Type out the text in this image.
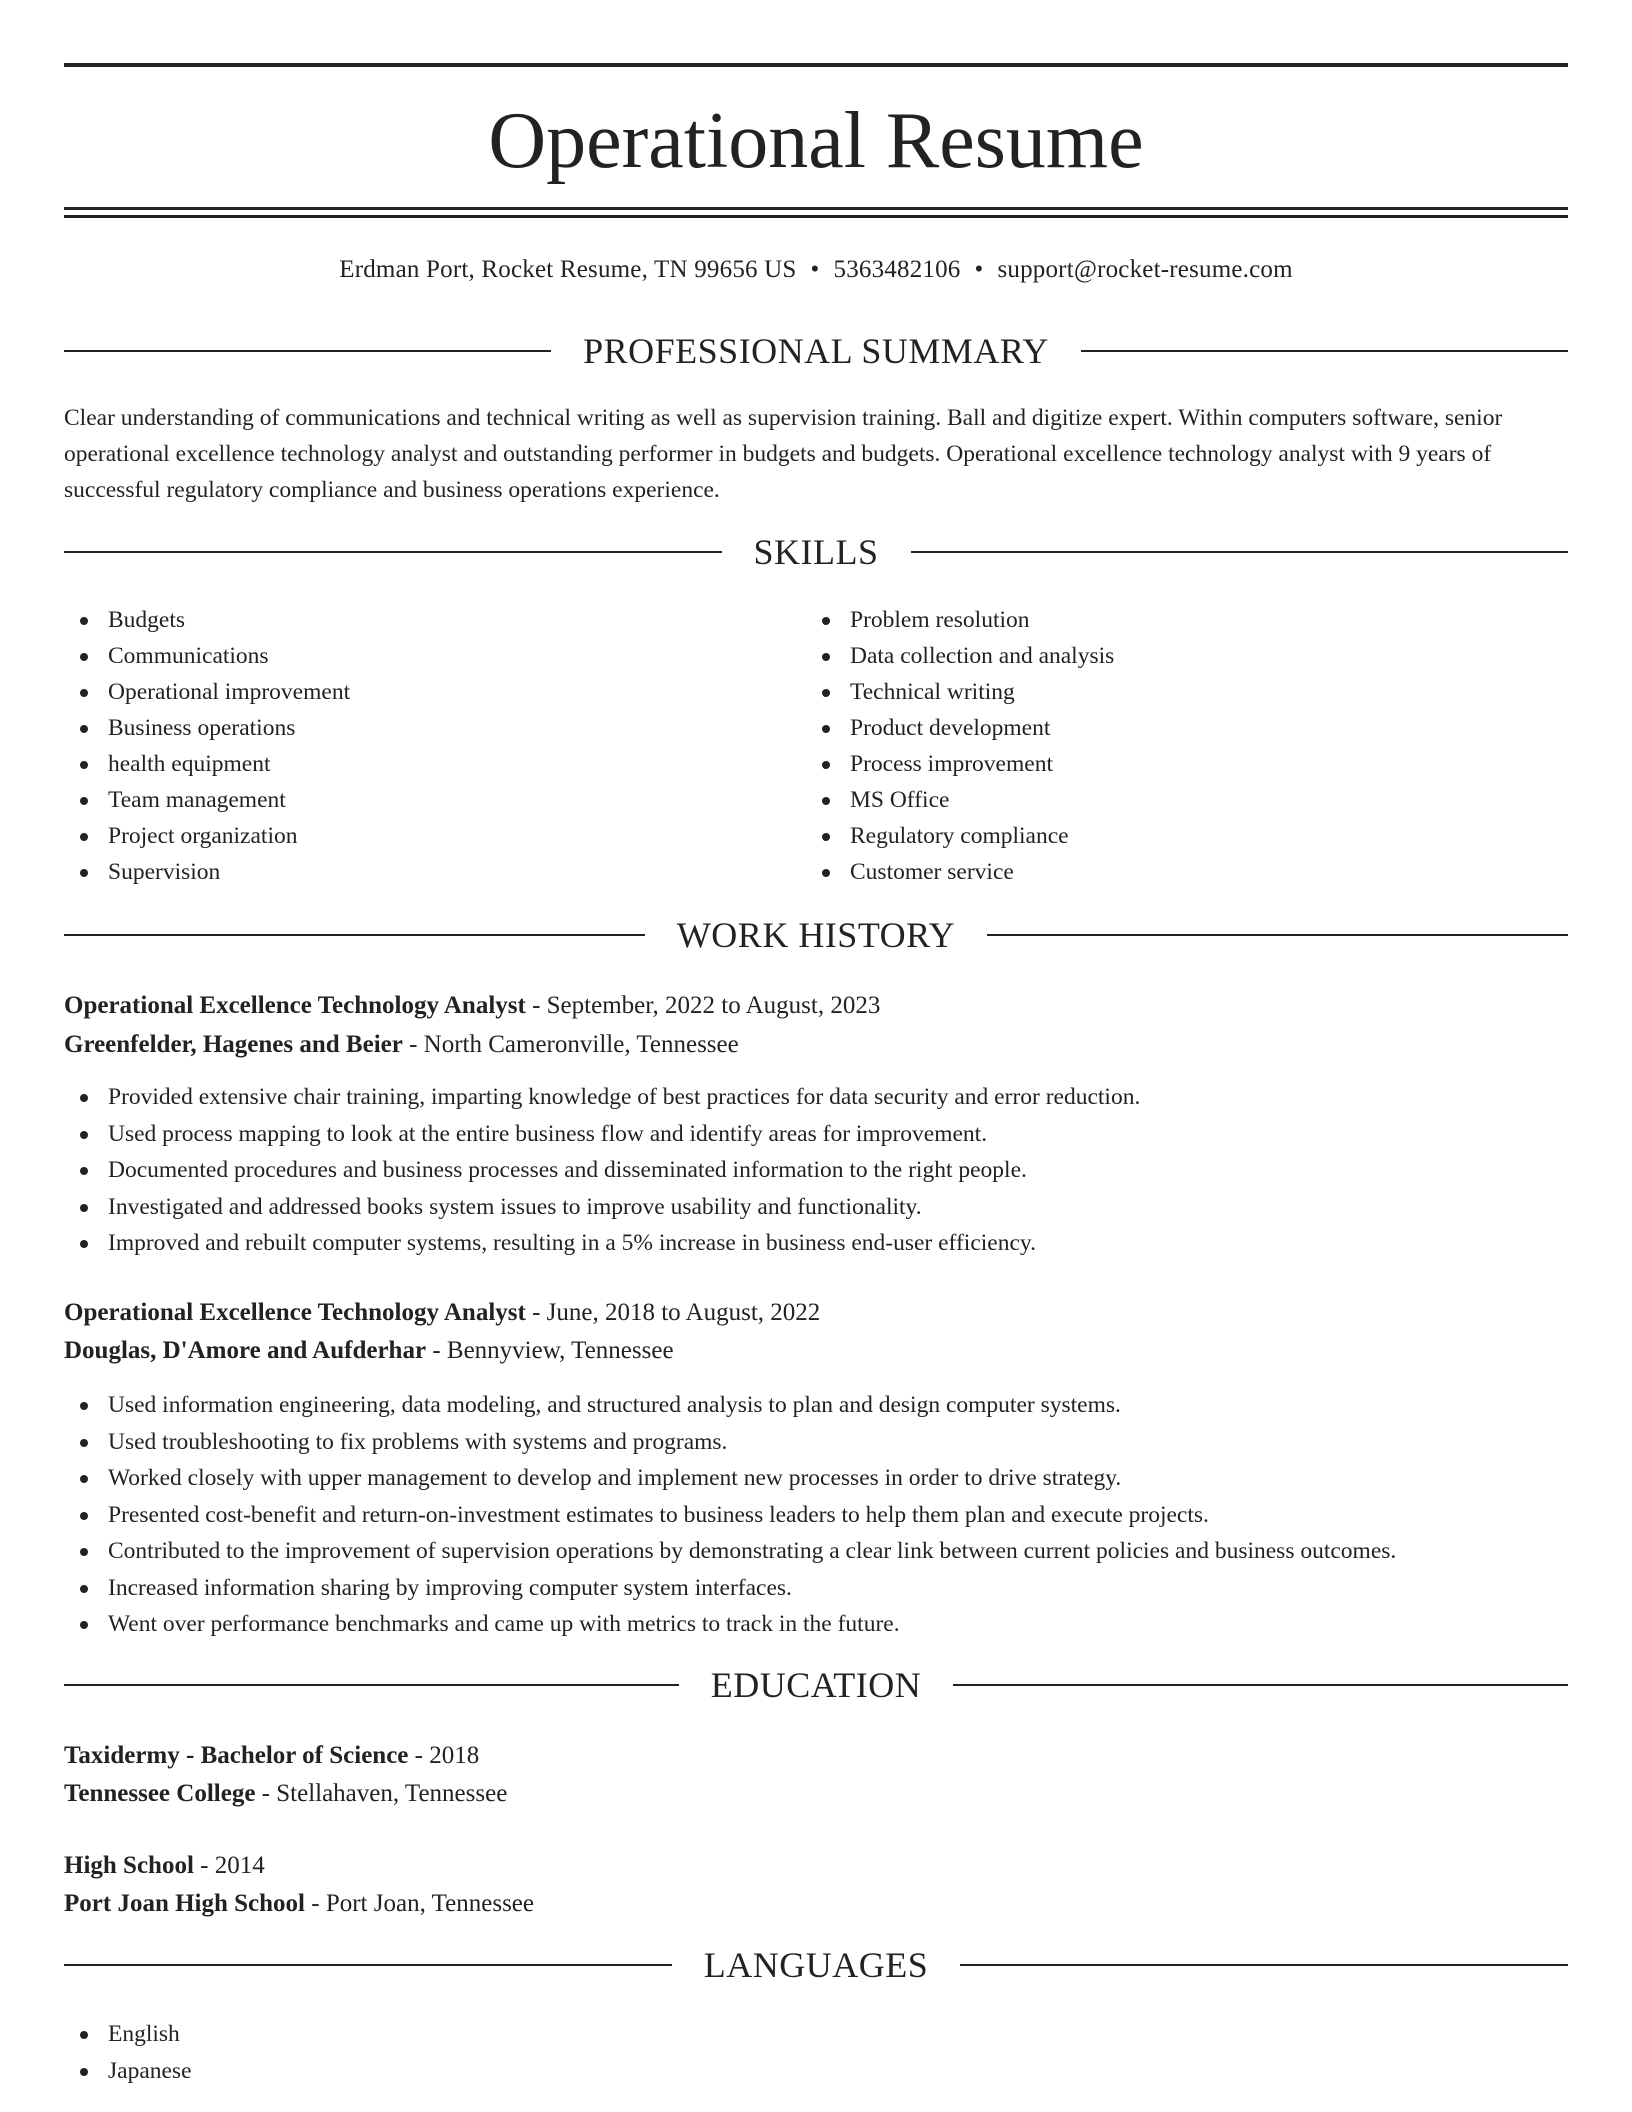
Operational Resume
Erdman Port, Rocket Resume, TN 99656 US • 5363482106 • support@rocket-resume.com
PROFESSIONAL SUMMARY

Clear understanding of communications and technical writing as well as supervision training. Ball and digitize expert. Within computers software, senior operational excellence technology analyst and outstanding performer in budgets and budgets. Operational excellence technology analyst with 9 years of successful regulatory compliance and business operations experience.

SKILLS
Budgets
Communications
Operational improvement
Business operations
health equipment
Team management
Project organization
Supervision
Problem resolution
Data collection and analysis
Technical writing
Product development
Process improvement
MS Office
Regulatory compliance
Customer service
WORK HISTORY
Operational Excellence Technology Analyst - September, 2022 to August, 2023
Greenfelder, Hagenes and Beier - North Cameronville, Tennessee
Provided extensive chair training, imparting knowledge of best practices for data security and error reduction.
Used process mapping to look at the entire business flow and identify areas for improvement.
Documented procedures and business processes and disseminated information to the right people.
Investigated and addressed books system issues to improve usability and functionality.
Improved and rebuilt computer systems, resulting in a 5% increase in business end-user efficiency.
Operational Excellence Technology Analyst - June, 2018 to August, 2022
Douglas, D'Amore and Aufderhar - Bennyview, Tennessee
Used information engineering, data modeling, and structured analysis to plan and design computer systems.
Used troubleshooting to fix problems with systems and programs.
Worked closely with upper management to develop and implement new processes in order to drive strategy.
Presented cost-benefit and return-on-investment estimates to business leaders to help them plan and execute projects.
Contributed to the improvement of supervision operations by demonstrating a clear link between current policies and business outcomes.
Increased information sharing by improving computer system interfaces.
Went over performance benchmarks and came up with metrics to track in the future.
EDUCATION
Taxidermy - Bachelor of Science - 2018
Tennessee College - Stellahaven, Tennessee
High School - 2014
Port Joan High School - Port Joan, Tennessee
LANGUAGES
English
Japanese
